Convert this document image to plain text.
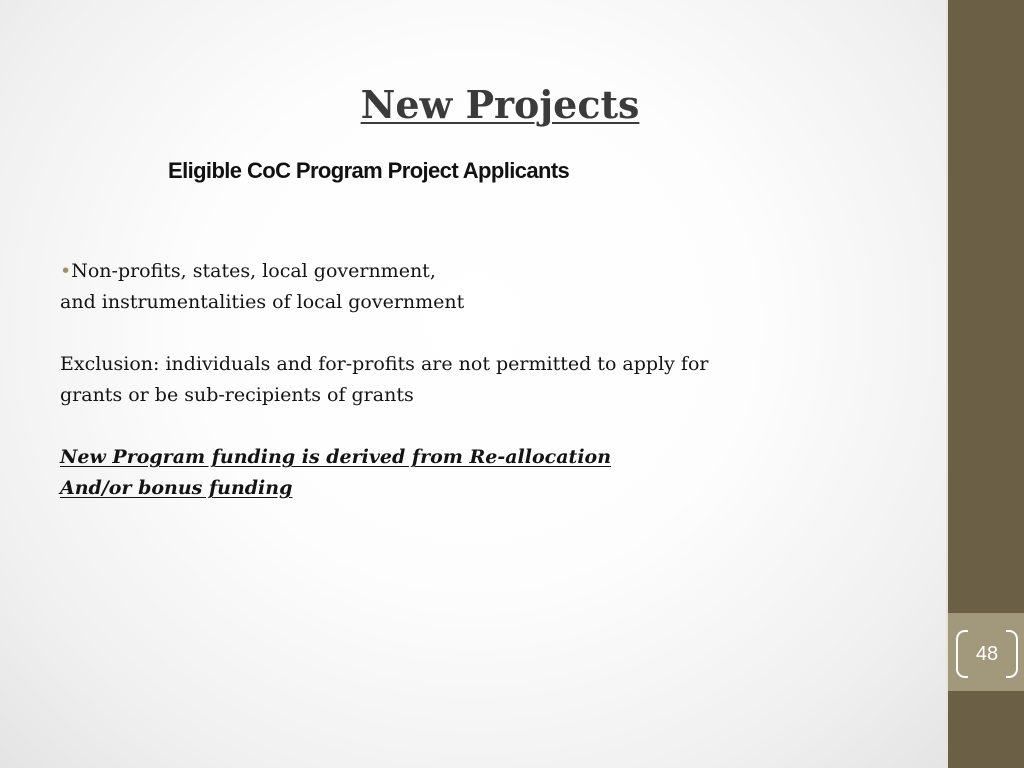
New Projects
Eligible CoC Program Project Applicants
•Non-profits, states, local government,
and instrumentalities of local government
Exclusion: individuals and for-profits are not permitted to apply for
grants or be sub-recipients of grants
New Program funding is derived from Re-allocation
And/or bonus funding
48
